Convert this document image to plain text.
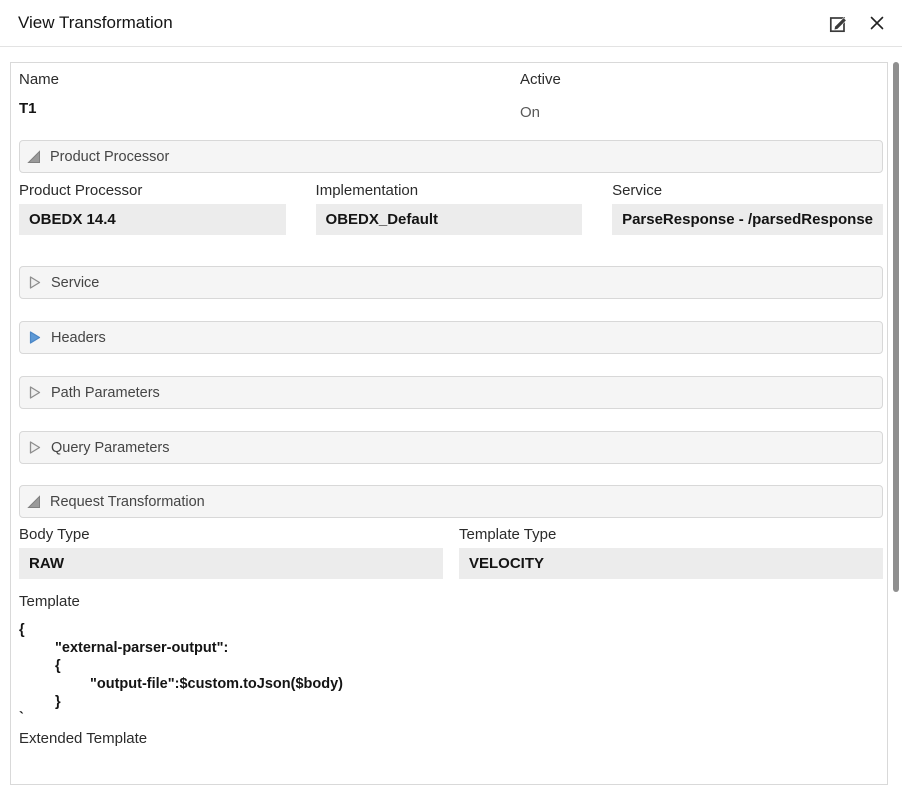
View Transformation
Name
T1
Active
On
Product Processor
Product Processor
OBEDX 14.4
Implementation
OBEDX_Default
Service
ParseResponse - /parsedResponse
Service
Headers
Path Parameters
Query Parameters
Request Transformation
Body Type
RAW
Template Type
VELOCITY
Template
{
"external-parser-output":
{
"output-file":$custom.toJson($body)
}
`
Extended Template
